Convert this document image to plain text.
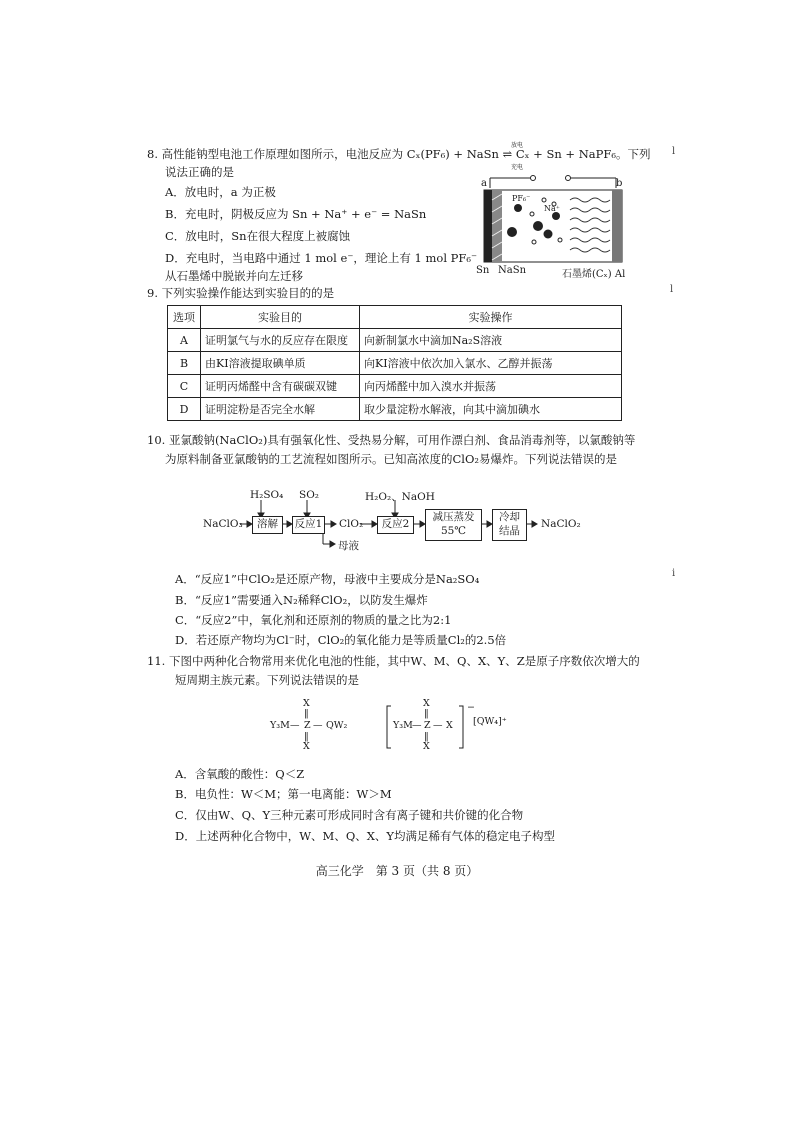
l
l
i
8. 高性能钠型电池工作原理如图所示，电池反应为 Cₓ(PF₆) + NaSn ⇌ Cₓ + Sn + NaPF₆。下列
放电
充电
说法正确的是
A．放电时，a 为正极
B．充电时，阴极反应为 Sn + Na⁺ + e⁻ = NaSn
C．放电时，Sn在很大程度上被腐蚀
D．充电时，当电路中通过 1 mol e⁻，理论上有 1 mol PF₆⁻
从石墨烯中脱嵌并向左迁移
a	b
PF₆⁻
Na⁺
Sn NaSn	石墨烯(Cₓ) Al
9. 下列实验操作能达到实验目的的是
选项	实验目的	实验操作
A	证明氯气与水的反应存在限度	向新制氯水中滴加Na₂S溶液
B	由KI溶液提取碘单质	向KI溶液中依次加入氯水、乙醇并振荡
C	证明丙烯醛中含有碳碳双键	向丙烯醛中加入溴水并振荡
D	证明淀粉是否完全水解	取少量淀粉水解液，向其中滴加碘水
10. 亚氯酸钠(NaClO₂)具有强氧化性、受热易分解，可用作漂白剂、食品消毒剂等，以氯酸钠等
为原料制备亚氯酸钠的工艺流程如图所示。已知高浓度的ClO₂易爆炸。下列说法错误的是
NaClO₃
H₂SO₄ SO₂
溶解	反应1 ClO₂
母液
H₂O₂、NaOH
反应2
减压蒸发
55℃
冷却
结晶
NaClO₂
A．“反应1”中ClO₂是还原产物，母液中主要成分是Na₂SO₄
B．“反应1”需要通入N₂稀释ClO₂，以防发生爆炸
C．“反应2”中，氧化剂和还原剂的物质的量之比为2:1
D．若还原产物均为Cl⁻时，ClO₂的氧化能力是等质量Cl₂的2.5倍
11. 下图中两种化合物常用来优化电池的性能，其中W、M、Q、X、Y、Z是原子序数依次增大的
短周期主族元素。下列说法错误的是
X
‖
Y₃M — Z — QW₂
‖
X
X
‖
Y₃M — Z — X
‖
X
−
[QW₄]⁺
A．含氧酸的酸性：Q＜Z
B．电负性：W＜M；第一电离能：W＞M
C．仅由W、Q、Y三种元素可形成同时含有离子键和共价键的化合物
D．上述两种化合物中，W、M、Q、X、Y均满足稀有气体的稳定电子构型
高三化学　第 3 页（共 8 页）
